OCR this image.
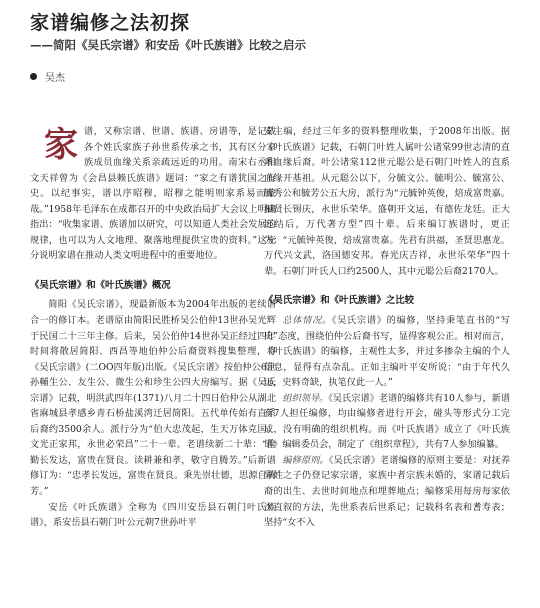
家谱编修之法初探
——简阳《吴氏宗谱》和安岳《叶氏族谱》比较之启示
吴杰

家谱，又称宗谱、世谱、族谱、房谱等，是记载各个姓氏家族子孙世系传承之书，其有区分家族成员血缘关系亲疏远近的功用。南宋右丞相文天祥曾为《会昌县赖氏族谱》题词：“家之有谱犹国之有史。以纪事实，谱以序昭穆，昭穆之能明则家系易而蒙哉。”1958年毛泽东在成都召开的中央政治局扩大会议上明确指出：“收集家谱、族谱加以研究，可以知道人类社会发展的规律，也可以为人文地理、聚落地理提供宝贵的资料。”这充分说明家谱在推动人类文明进程中的重要地位。

《吴氏宗谱》和《叶氏族谱》概况

简阳《吴氏宗谱》，现最新版本为2004年出版的老续谱合一的修订本。老谱原由简阳民胜桥吴公伯仲13世孙吴光辉于民国二十三年主修。后来，吴公伯仲14世孙吴正经过四年时间将散居简阳、西昌等地伯仲公后裔资料搜集整理，将《吴氏宗谱》(二OO四年版)出版。《吴氏宗谱》按伯仲公6世孙輔生公、友生公、微生公和珍生公四大房编写。据《吴氏宗谱》记载，明洪武四年(1371)八月二十四日伯仲公从湖北省麻城县孝感乡青石桥盐溪湾迁居简阳。五代单传始有直系后裔约3500余人。派行分为“伯大忠茂起，生天万体克国。文光正家邦，永世必荣昌”二十一辈。老谱续新二十辈：“俭勤长发达，富贵在贤良。读耕兼和孝，敬守自腾芳。”后新谱修订为：“忠孝长发远，富贵在贤良。秉先崇壮德，思源自腾芳。”

安岳《叶氏族谱》全称为《四川安岳县石朝门叶氏族谱》，系安岳县石朝门叶公元朝7世孙叶平

安主编，经过三年多的资料整理收集，于2008年出版。据《叶氏族谱》记载，石朝门叶姓人属叶公诸棠99世志清的直系血缘后裔。叶公诸棠112世元聪公是石朝门叶姓人的直系血缘开基祖。从元聪公以下，分毓文公、毓明公、毓富公、毓秀公和毓芳公五大房，派行为“元毓钟英俊，焙成富贵嘉。相贤长锡庆，永世乐荣华。盛朝开文运，有德佐龙廷。正大远结后，万代著方型”四十辈。后来编订族谱时，更正为：“元毓钟英俊，焙成富贵嘉。先君有洪福，圣贤思惠龙。万代兴文武，洛国德安邦。春光庆吉祥，永世乐荣华”四十辈。石朝门叶氏人口约2500人，其中元聪公后裔2170人。

《吴氏宗谱》和《叶氏族谱》之比较

总体情况。《吴氏宗谱》的编修，坚持秉笔直书的“写史”态度，围绕伯仲公后裔书写，显得客观公正。相对而言，《叶氏族谱》的编修，主观性太多，并过多掺杂主编的个人信息，显得有点杂乱。正如主编叶平安所说：“由于年代久远，史料奇缺，执笔仅此一人。”

组织领导。《吴氏宗谱》老谱的编修共有10人参与，新谱有7人担任编修，均由编修者进行开会，碰头等形式分工完成，没有明确的组织机构。而《叶氏族谱》成立了《叶氏族谱》编辑委员会，制定了《组织章程》，共有7人参加编纂。

编修原则。《吴氏宗谱》老谱编修的原则主要是：对抚养异姓之子仍登记家宗谱，家族中者宗族未婚的，家谱记载后裔的出生、去世时间地点和埋葬地点；编修采用每房每家依次直叙的方法，先世系表后世系记；记载科名表和耆寿表；坚持“女不入
